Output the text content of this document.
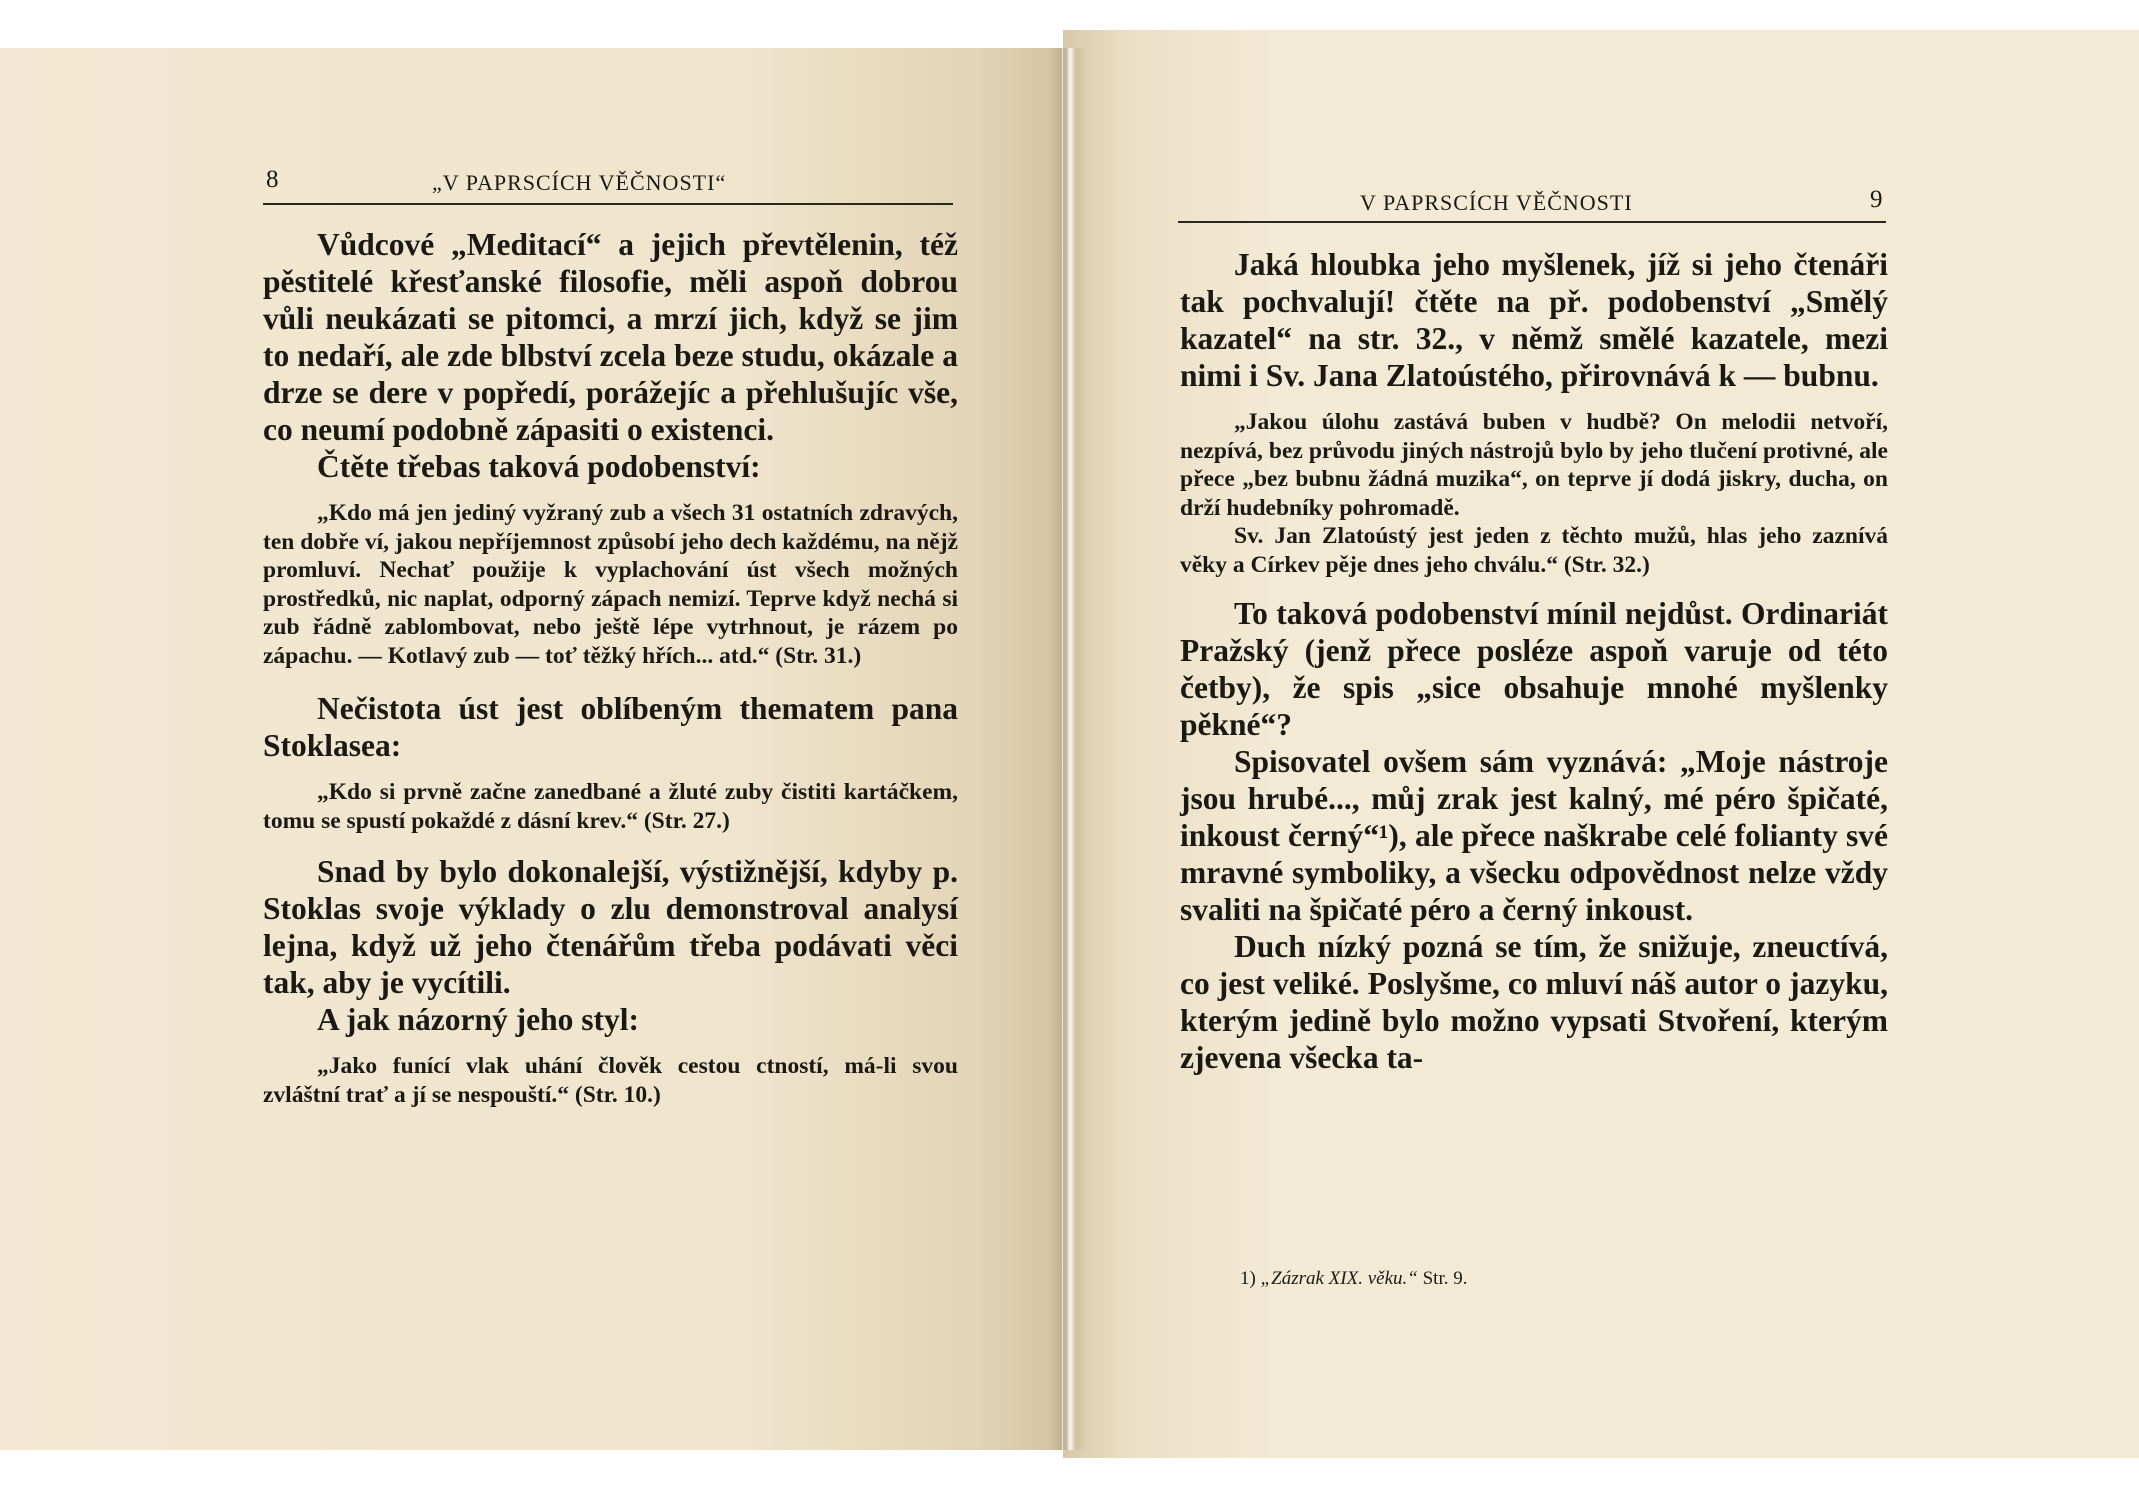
8	„V PAPRSCÍCH VĚČNOSTI“

Vůdcové „Meditací“ a jejich převtělenin, též pěstitelé křesťanské filosofie, měli aspoň dobrou vůli neukázati se pitomci, a mrzí jich, když se jim to nedaří, ale zde blbství zcela beze studu, okázale a drze se dere v popředí, porážejíc a přehlušujíc vše, co neumí podobně zápasiti o existenci.

Čtěte třebas taková podobenství:

„Kdo má jen jediný vyžraný zub a všech 31 ostatních zdravých, ten dobře ví, jakou nepříjemnost způsobí jeho dech každému, na nějž promluví. Nechať použije k vyplachování úst všech možných prostředků, nic naplat, odporný zápach nemizí. Teprve když nechá si zub řádně zablombovat, nebo ještě lépe vytrhnout, je rázem po zápachu. — Kotlavý zub — toť těžký hřích... atd.“ (Str. 31.)

Nečistota úst jest oblíbeným thematem pana Stoklasea:

„Kdo si prvně začne zanedbané a žluté zuby čistiti kartáčkem, tomu se spustí pokaždé z dásní krev.“ (Str. 27.)

Snad by bylo dokonalejší, výstižnější, kdyby p. Stoklas svoje výklady o zlu demonstroval analysí lejna, když už jeho čtenářům třeba podávati věci tak, aby je vycítili.

A jak názorný jeho styl:

„Jako funící vlak uhání člověk cestou ctností, má-li svou zvláštní trať a jí se nespouští.“ (Str. 10.)

V PAPRSCÍCH VĚČNOSTI	9

Jaká hloubka jeho myšlenek, jíž si jeho čtenáři tak pochvalují! čtěte na př. podobenství „Smělý kazatel“ na str. 32., v němž smělé kazatele, mezi nimi i Sv. Jana Zlatoústého, přirovnává k — bubnu.

„Jakou úlohu zastává buben v hudbě? On melodii netvoří, nezpívá, bez průvodu jiných nástrojů bylo by jeho tlučení protivné, ale přece „bez bubnu žádná muzika“, on teprve jí dodá jiskry, ducha, on drží hudebníky pohromadě.

Sv. Jan Zlatoústý jest jeden z těchto mužů, hlas jeho zaznívá věky a Církev pěje dnes jeho chválu.“ (Str. 32.)

To taková podobenství mínil nejdůst. Ordinariát Pražský (jenž přece posléze aspoň varuje od této četby), že spis „sice obsahuje mnohé myšlenky pěkné“?

Spisovatel ovšem sám vyznává: „Moje nástroje jsou hrubé..., můj zrak jest kalný, mé péro špičaté, inkoust černý“¹), ale přece naškrabe celé folianty své mravné symboliky, a všecku odpovědnost nelze vždy svaliti na špičaté péro a černý inkoust.

Duch nízký pozná se tím, že snižuje, zneuctívá, co jest veliké. Poslyšme, co mluví náš autor o jazyku, kterým jedině bylo možno vypsati Stvoření, kterým zjevena všecka ta-

1) „Zázrak XIX. věku.“ Str. 9.
